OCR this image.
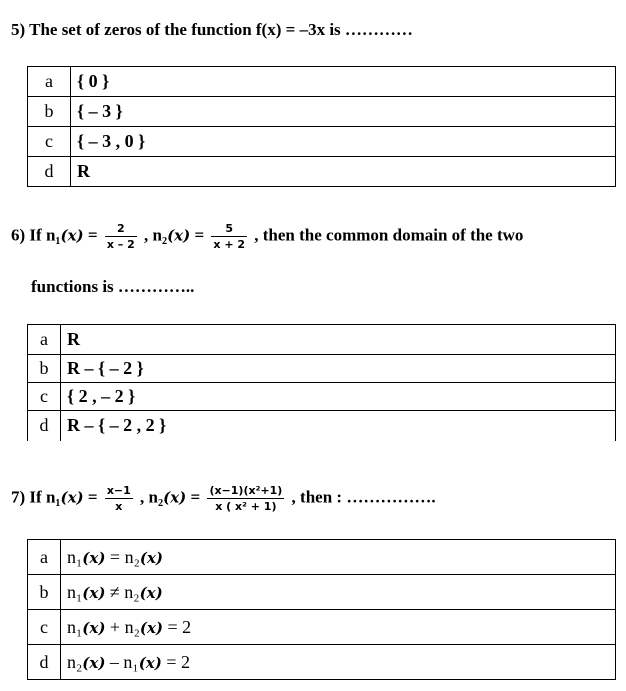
5) The set of zeros of the function f(x) = –3x is …………
a	{ 0 }
b	{ – 3 }
c	{ – 3 , 0 }
d	R
6) If $n_1(x) = \frac{2}{x - 2}$ , $n_2(x) = \frac{5}{x + 2}$ , then the common domain of the two
functions is …………..
a	R
b	R – { – 2 }
c	{ 2 , – 2 }
d	R – { – 2 , 2 }
7) If $n_1(x) = \frac{x-1}{x}$ , $n_2(x) = \frac{\text{(x−1)(x²+1)}}{\text{x ( x² + 1)}}$ , then : …………….
a	n₁(x) = n₂(x)
b	n₁(x) ≠ n₂(x)
c	n₁(x) + n₂(x) = 2
d	n₂(x) – n₁(x) = 2
